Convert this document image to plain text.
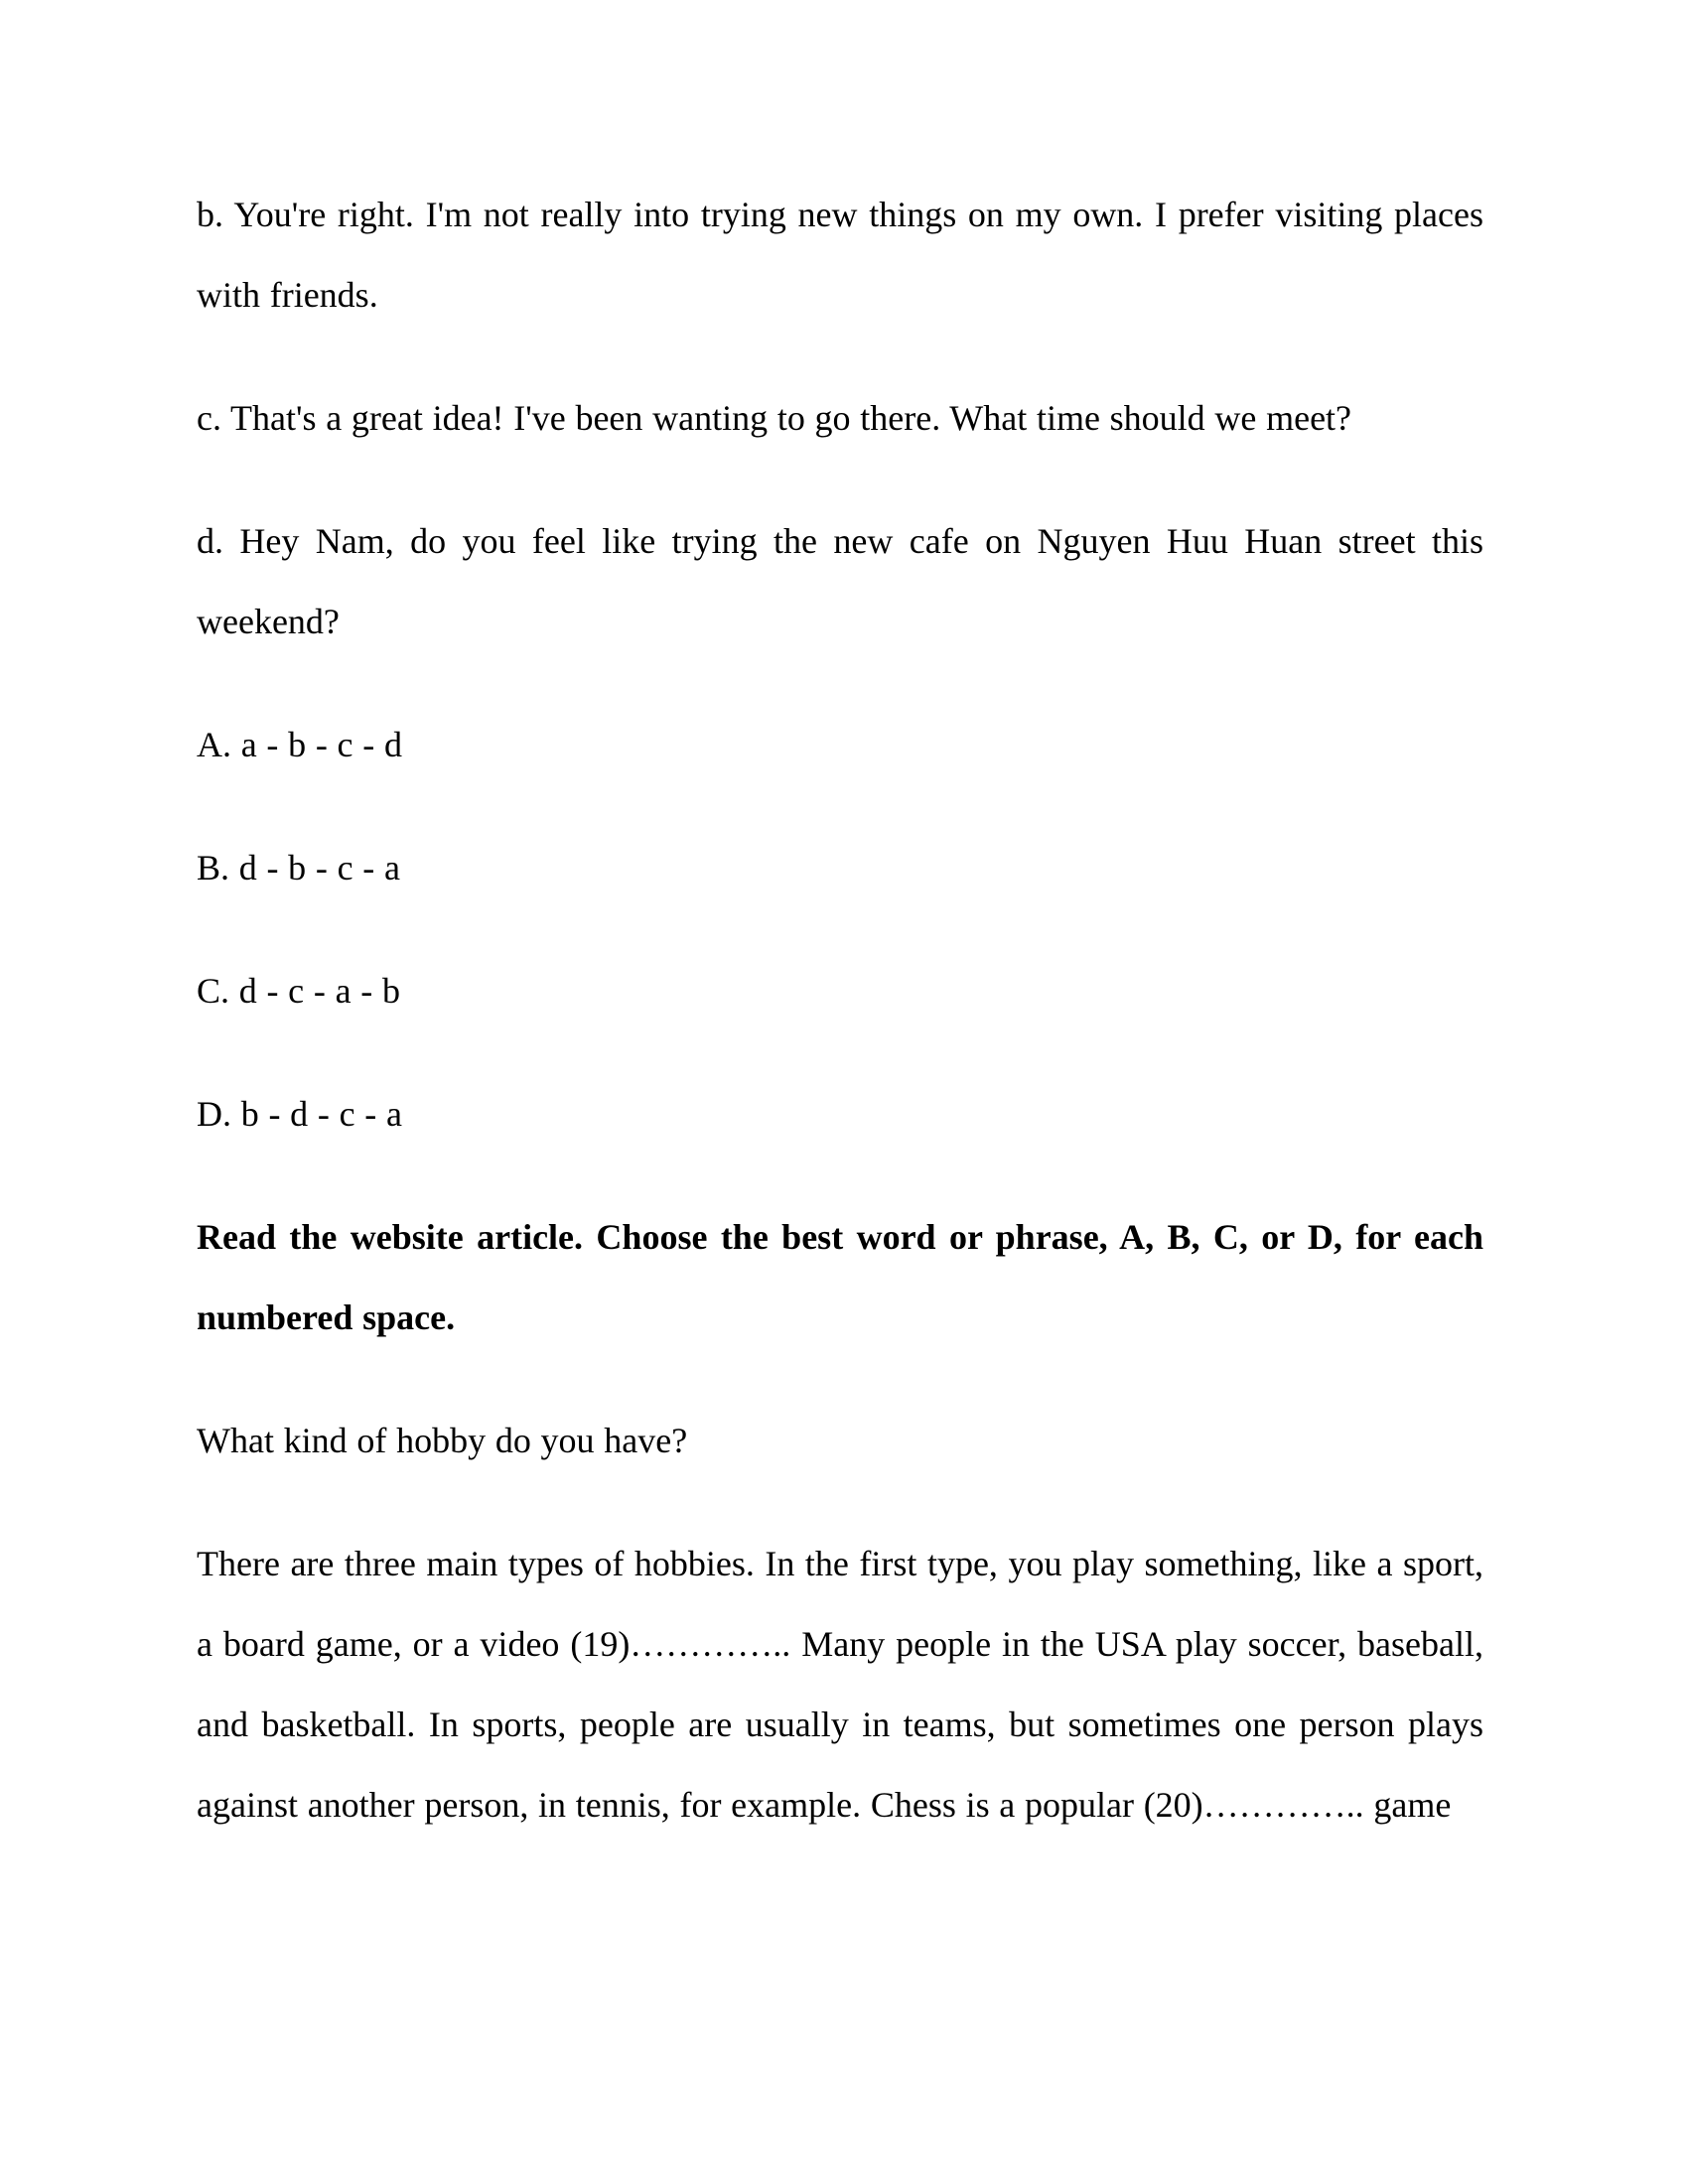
b. You're right. I'm not really into trying new things on my own. I prefer visiting places with friends.

c. That's a great idea! I've been wanting to go there. What time should we meet?

d. Hey Nam, do you feel like trying the new cafe on Nguyen Huu Huan street this weekend?

A. a - b - c - d

B. d - b - c - a

C. d - c - a - b

D. b - d - c - a

Read the website article. Choose the best word or phrase, A, B, C, or D, for each numbered space.

What kind of hobby do you have?

There are three main types of hobbies. In the first type, you play something, like a sport, a board game, or a video (19)………….. Many people in the USA play soccer, baseball, and basketball. In sports, people are usually in teams, but sometimes one person plays against another person, in tennis, for example. Chess is a popular (20)………….. game
